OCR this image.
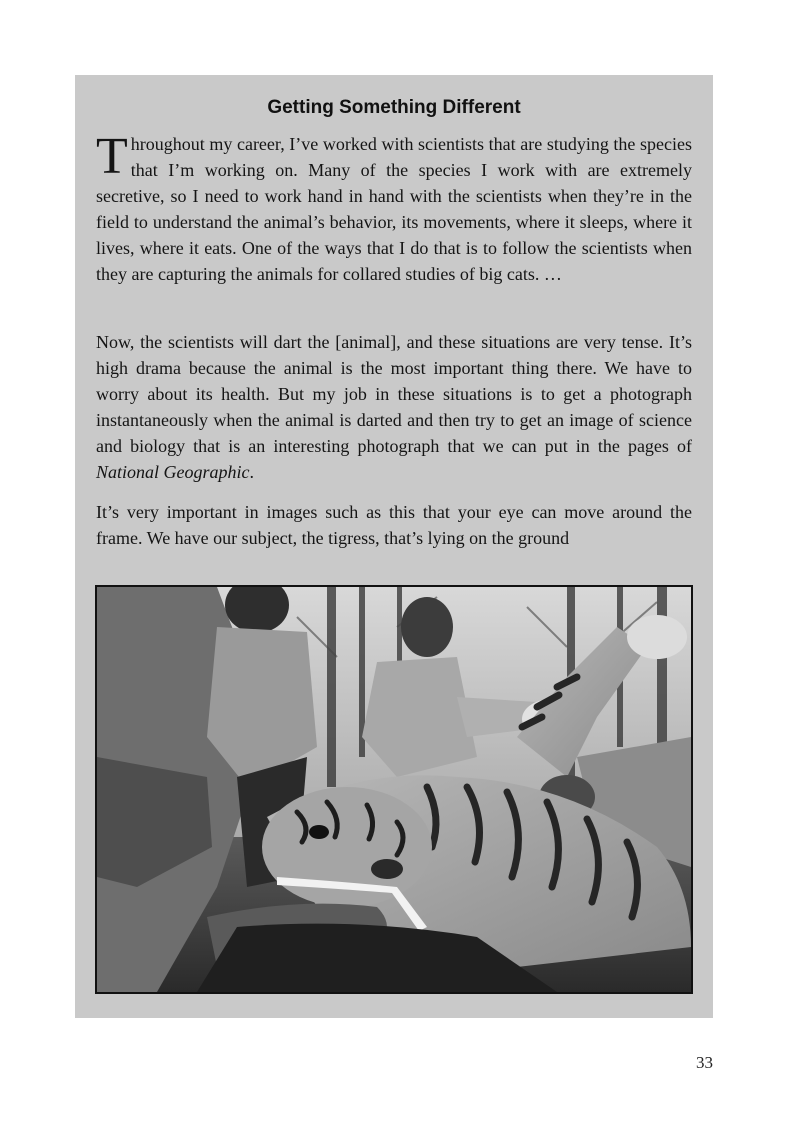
Getting Something Different
Throughout my career, I’ve worked with scientists that are studying the species that I’m working on. Many of the species I work with are extremely secretive, so I need to work hand in hand with the scientists when they’re in the field to understand the animal’s behavior, its movements, where it sleeps, where it lives, where it eats. One of the ways that I do that is to follow the scientists when they are capturing the animals for collared studies of big cats. …
Now, the scientists will dart the [animal], and these situations are very tense. It’s high drama because the animal is the most important thing there. We have to worry about its health. But my job in these situations is to get a photograph instantaneously when the animal is darted and then try to get an image of science and biology that is an interesting photograph that we can put in the pages of National Geographic.
It’s very important in images such as this that your eye can move around the frame. We have our subject, the tigress, that’s lying on the ground
33
